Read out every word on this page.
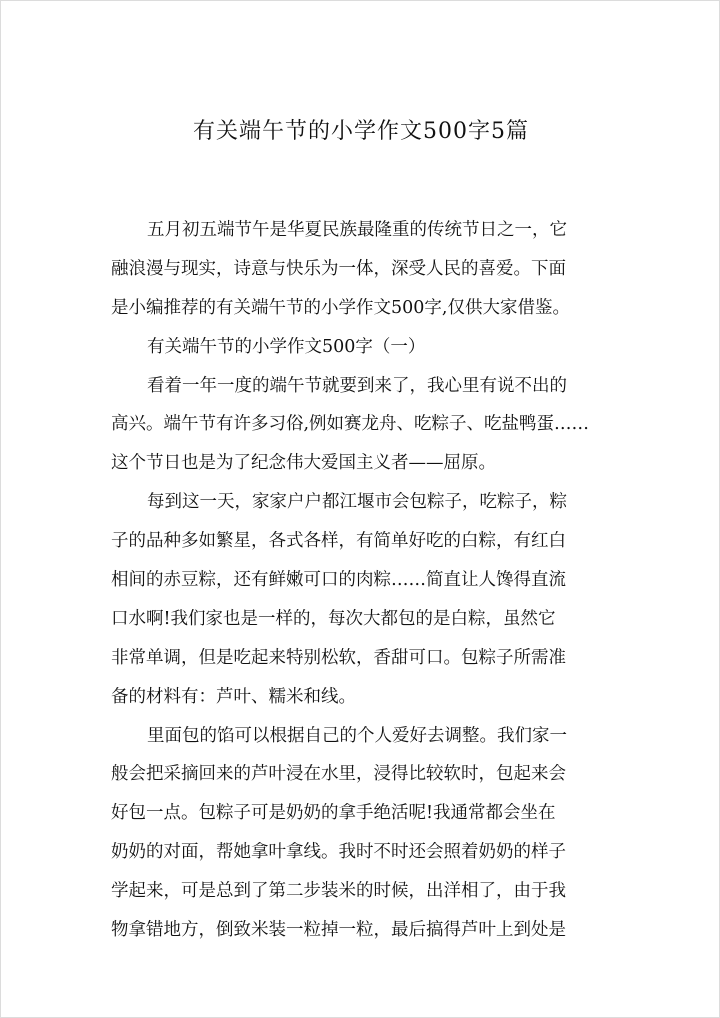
有关端午节的小学作文500字5篇
五月初五端节午是华夏民族最隆重的传统节日之一，它
融浪漫与现实，诗意与快乐为一体，深受人民的喜爱。下面
是小编推荐的有关端午节的小学作文500字,仅供大家借鉴。
有关端午节的小学作文500字（一）
看着一年一度的端午节就要到来了，我心里有说不出的
高兴。端午节有许多习俗,例如赛龙舟、吃粽子、吃盐鸭蛋……
这个节日也是为了纪念伟大爱国主义者——屈原。
每到这一天，家家户户都江堰市会包粽子，吃粽子，粽
子的品种多如繁星，各式各样，有简单好吃的白粽，有红白
相间的赤豆粽，还有鲜嫩可口的肉粽……简直让人馋得直流
口水啊!我们家也是一样的，每次大都包的是白粽，虽然它
非常单调，但是吃起来特别松软，香甜可口。包粽子所需准
备的材料有：芦叶、糯米和线。
里面包的馅可以根据自己的个人爱好去调整。我们家一
般会把采摘回来的芦叶浸在水里，浸得比较软时，包起来会
好包一点。包粽子可是奶奶的拿手绝活呢!我通常都会坐在
奶奶的对面，帮她拿叶拿线。我时不时还会照着奶奶的样子
学起来，可是总到了第二步装米的时候，出洋相了，由于我
物拿错地方，倒致米装一粒掉一粒，最后搞得芦叶上到处是
